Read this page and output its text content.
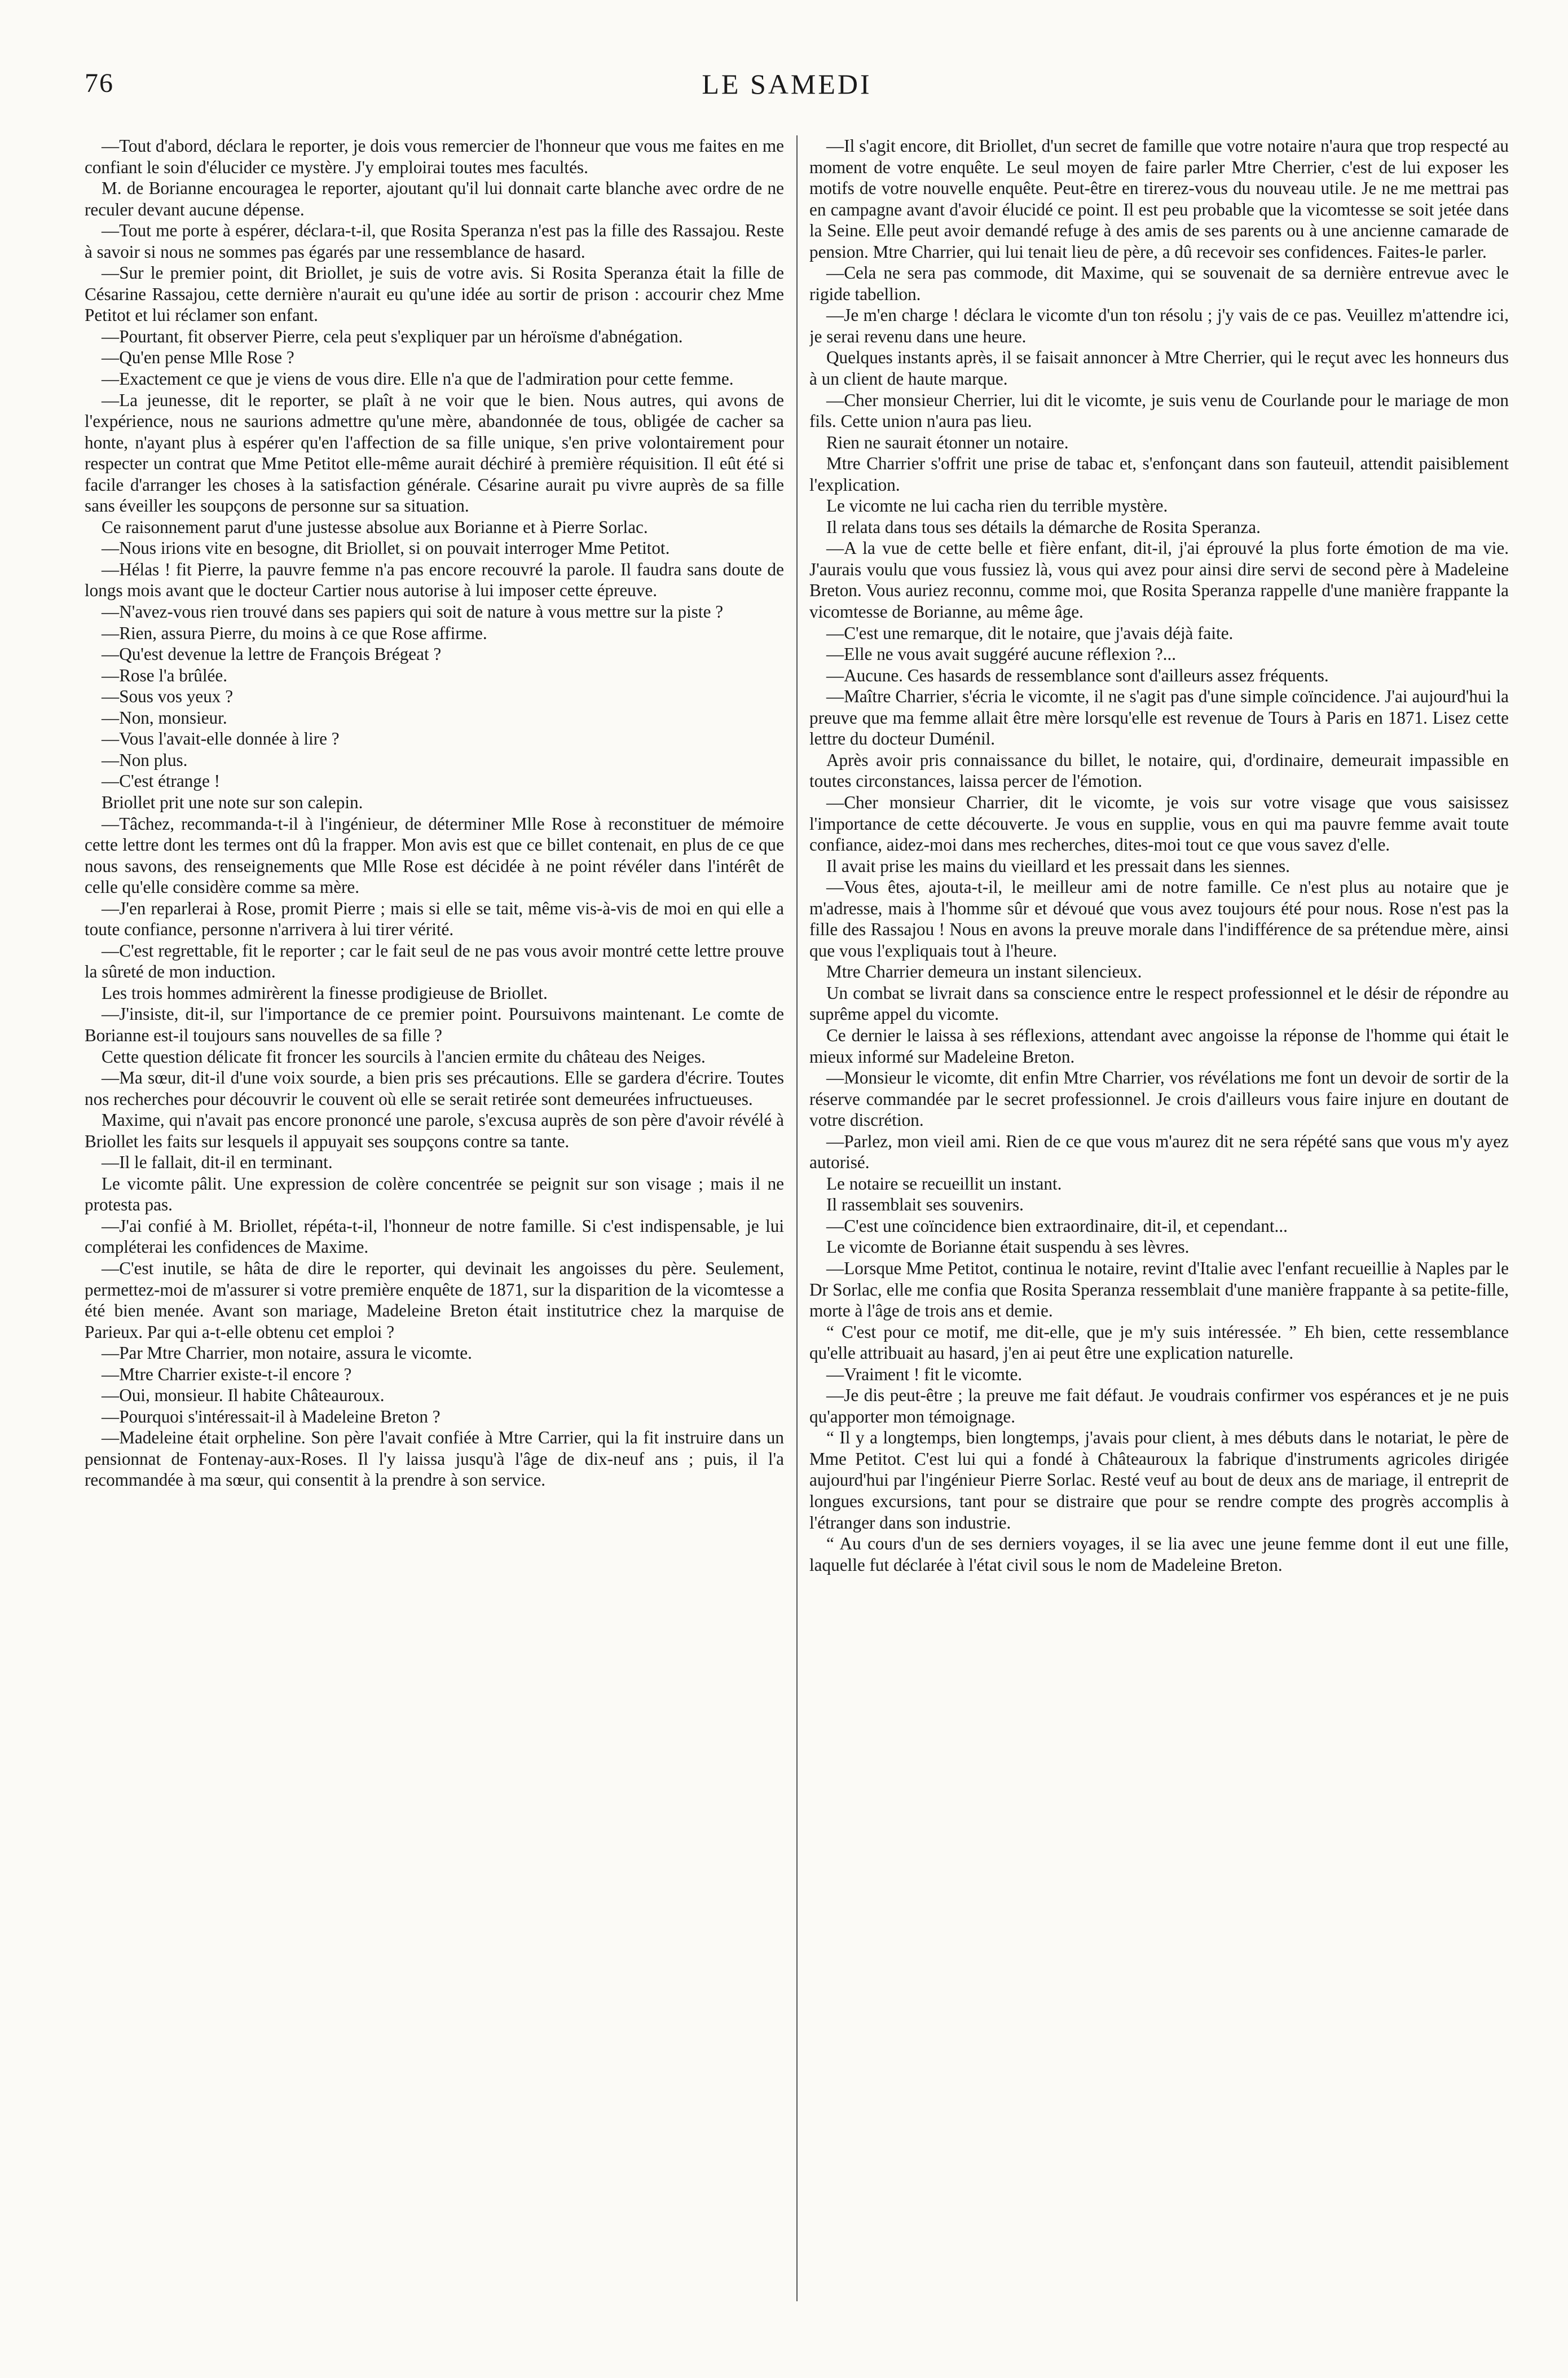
76	LE SAMEDI

—Tout d'abord, déclara le reporter, je dois vous remercier de l'honneur que vous me faites en me confiant le soin d'élucider ce mystère. J'y emploirai toutes mes facultés.

M. de Borianne encouragea le reporter, ajoutant qu'il lui donnait carte blanche avec ordre de ne reculer devant aucune dépense.

—Tout me porte à espérer, déclara-t-il, que Rosita Speranza n'est pas la fille des Rassajou. Reste à savoir si nous ne sommes pas égarés par une ressemblance de hasard.

—Sur le premier point, dit Briollet, je suis de votre avis. Si Rosita Speranza était la fille de Césarine Rassajou, cette dernière n'aurait eu qu'une idée au sortir de prison : accourir chez Mme Petitot et lui réclamer son enfant.

—Pourtant, fit observer Pierre, cela peut s'expliquer par un héroïsme d'abnégation.

—Qu'en pense Mlle Rose ?

—Exactement ce que je viens de vous dire. Elle n'a que de l'admiration pour cette femme.

—La jeunesse, dit le reporter, se plaît à ne voir que le bien. Nous autres, qui avons de l'expérience, nous ne saurions admettre qu'une mère, abandonnée de tous, obligée de cacher sa honte, n'ayant plus à espérer qu'en l'affection de sa fille unique, s'en prive volontairement pour respecter un contrat que Mme Petitot elle-même aurait déchiré à première réquisition. Il eût été si facile d'arranger les choses à la satisfaction générale. Césarine aurait pu vivre auprès de sa fille sans éveiller les soupçons de personne sur sa situation.

Ce raisonnement parut d'une justesse absolue aux Borianne et à Pierre Sorlac.

—Nous irions vite en besogne, dit Briollet, si on pouvait interroger Mme Petitot.

—Hélas ! fit Pierre, la pauvre femme n'a pas encore recouvré la parole. Il faudra sans doute de longs mois avant que le docteur Cartier nous autorise à lui imposer cette épreuve.

—N'avez-vous rien trouvé dans ses papiers qui soit de nature à vous mettre sur la piste ?

—Rien, assura Pierre, du moins à ce que Rose affirme.

—Qu'est devenue la lettre de François Brégeat ?

—Rose l'a brûlée.

—Sous vos yeux ?

—Non, monsieur.

—Vous l'avait-elle donnée à lire ?

—Non plus.

—C'est étrange !

Briollet prit une note sur son calepin.

—Tâchez, recommanda-t-il à l'ingénieur, de déterminer Mlle Rose à reconstituer de mémoire cette lettre dont les termes ont dû la frapper. Mon avis est que ce billet contenait, en plus de ce que nous savons, des renseignements que Mlle Rose est décidée à ne point révéler dans l'intérêt de celle qu'elle considère comme sa mère.

—J'en reparlerai à Rose, promit Pierre ; mais si elle se tait, même vis-à-vis de moi en qui elle a toute confiance, personne n'arrivera à lui tirer vérité.

—C'est regrettable, fit le reporter ; car le fait seul de ne pas vous avoir montré cette lettre prouve la sûreté de mon induction.

Les trois hommes admirèrent la finesse prodigieuse de Briollet.

—J'insiste, dit-il, sur l'importance de ce premier point. Poursuivons maintenant. Le comte de Borianne est-il toujours sans nouvelles de sa fille ?

Cette question délicate fit froncer les sourcils à l'ancien ermite du château des Neiges.

—Ma sœur, dit-il d'une voix sourde, a bien pris ses précautions. Elle se gardera d'écrire. Toutes nos recherches pour découvrir le couvent où elle se serait retirée sont demeurées infructueuses.

Maxime, qui n'avait pas encore prononcé une parole, s'excusa auprès de son père d'avoir révélé à Briollet les faits sur lesquels il appuyait ses soupçons contre sa tante.

—Il le fallait, dit-il en terminant.

Le vicomte pâlit. Une expression de colère concentrée se peignit sur son visage ; mais il ne protesta pas.

—J'ai confié à M. Briollet, répéta-t-il, l'honneur de notre famille. Si c'est indispensable, je lui compléterai les confidences de Maxime.

—C'est inutile, se hâta de dire le reporter, qui devinait les angoisses du père. Seulement, permettez-moi de m'assurer si votre première enquête de 1871, sur la disparition de la vicomtesse a été bien menée. Avant son mariage, Madeleine Breton était institutrice chez la marquise de Parieux. Par qui a-t-elle obtenu cet emploi ?

—Par Mtre Charrier, mon notaire, assura le vicomte.

—Mtre Charrier existe-t-il encore ?

—Oui, monsieur. Il habite Châteauroux.

—Pourquoi s'intéressait-il à Madeleine Breton ?

—Madeleine était orpheline. Son père l'avait confiée à Mtre Carrier, qui la fit instruire dans un pensionnat de Fontenay-aux-Roses. Il l'y laissa jusqu'à l'âge de dix-neuf ans ; puis, il l'a recommandée à ma sœur, qui consentit à la prendre à son service.

—Il s'agit encore, dit Briollet, d'un secret de famille que votre notaire n'aura que trop respecté au moment de votre enquête. Le seul moyen de faire parler Mtre Cherrier, c'est de lui exposer les motifs de votre nouvelle enquête. Peut-être en tirerez-vous du nouveau utile. Je ne me mettrai pas en campagne avant d'avoir élucidé ce point. Il est peu probable que la vicomtesse se soit jetée dans la Seine. Elle peut avoir demandé refuge à des amis de ses parents ou à une ancienne camarade de pension. Mtre Charrier, qui lui tenait lieu de père, a dû recevoir ses confidences. Faites-le parler.

—Cela ne sera pas commode, dit Maxime, qui se souvenait de sa dernière entrevue avec le rigide tabellion.

—Je m'en charge ! déclara le vicomte d'un ton résolu ; j'y vais de ce pas. Veuillez m'attendre ici, je serai revenu dans une heure.

Quelques instants après, il se faisait annoncer à Mtre Cherrier, qui le reçut avec les honneurs dus à un client de haute marque.

—Cher monsieur Cherrier, lui dit le vicomte, je suis venu de Courlande pour le mariage de mon fils. Cette union n'aura pas lieu.

Rien ne saurait étonner un notaire.

Mtre Charrier s'offrit une prise de tabac et, s'enfonçant dans son fauteuil, attendit paisiblement l'explication.

Le vicomte ne lui cacha rien du terrible mystère.

Il relata dans tous ses détails la démarche de Rosita Speranza.

—A la vue de cette belle et fière enfant, dit-il, j'ai éprouvé la plus forte émotion de ma vie. J'aurais voulu que vous fussiez là, vous qui avez pour ainsi dire servi de second père à Madeleine Breton. Vous auriez reconnu, comme moi, que Rosita Speranza rappelle d'une manière frappante la vicomtesse de Borianne, au même âge.

—C'est une remarque, dit le notaire, que j'avais déjà faite.

—Elle ne vous avait suggéré aucune réflexion ?...

—Aucune. Ces hasards de ressemblance sont d'ailleurs assez fréquents.

—Maître Charrier, s'écria le vicomte, il ne s'agit pas d'une simple coïncidence. J'ai aujourd'hui la preuve que ma femme allait être mère lorsqu'elle est revenue de Tours à Paris en 1871. Lisez cette lettre du docteur Duménil.

Après avoir pris connaissance du billet, le notaire, qui, d'ordinaire, demeurait impassible en toutes circonstances, laissa percer de l'émotion.

—Cher monsieur Charrier, dit le vicomte, je vois sur votre visage que vous saisissez l'importance de cette découverte. Je vous en supplie, vous en qui ma pauvre femme avait toute confiance, aidez-moi dans mes recherches, dites-moi tout ce que vous savez d'elle.

Il avait prise les mains du vieillard et les pressait dans les siennes.

—Vous êtes, ajouta-t-il, le meilleur ami de notre famille. Ce n'est plus au notaire que je m'adresse, mais à l'homme sûr et dévoué que vous avez toujours été pour nous. Rose n'est pas la fille des Rassajou ! Nous en avons la preuve morale dans l'indifférence de sa prétendue mère, ainsi que vous l'expliquais tout à l'heure.

Mtre Charrier demeura un instant silencieux.

Un combat se livrait dans sa conscience entre le respect professionnel et le désir de répondre au suprême appel du vicomte.

Ce dernier le laissa à ses réflexions, attendant avec angoisse la réponse de l'homme qui était le mieux informé sur Madeleine Breton.

—Monsieur le vicomte, dit enfin Mtre Charrier, vos révélations me font un devoir de sortir de la réserve commandée par le secret professionnel. Je crois d'ailleurs vous faire injure en doutant de votre discrétion.

—Parlez, mon vieil ami. Rien de ce que vous m'aurez dit ne sera répété sans que vous m'y ayez autorisé.

Le notaire se recueillit un instant.

Il rassemblait ses souvenirs.

—C'est une coïncidence bien extraordinaire, dit-il, et cependant...

Le vicomte de Borianne était suspendu à ses lèvres.

—Lorsque Mme Petitot, continua le notaire, revint d'Italie avec l'enfant recueillie à Naples par le Dr Sorlac, elle me confia que Rosita Speranza ressemblait d'une manière frappante à sa petite-fille, morte à l'âge de trois ans et demie.

“ C'est pour ce motif, me dit-elle, que je m'y suis intéressée. ” Eh bien, cette ressemblance qu'elle attribuait au hasard, j'en ai peut être une explication naturelle.

—Vraiment ! fit le vicomte.

—Je dis peut-être ; la preuve me fait défaut. Je voudrais confirmer vos espérances et je ne puis qu'apporter mon témoignage.

“ Il y a longtemps, bien longtemps, j'avais pour client, à mes débuts dans le notariat, le père de Mme Petitot. C'est lui qui a fondé à Châteauroux la fabrique d'instruments agricoles dirigée aujourd'hui par l'ingénieur Pierre Sorlac. Resté veuf au bout de deux ans de mariage, il entreprit de longues excursions, tant pour se distraire que pour se rendre compte des progrès accomplis à l'étranger dans son industrie.

“ Au cours d'un de ses derniers voyages, il se lia avec une jeune femme dont il eut une fille, laquelle fut déclarée à l'état civil sous le nom de Madeleine Breton.
